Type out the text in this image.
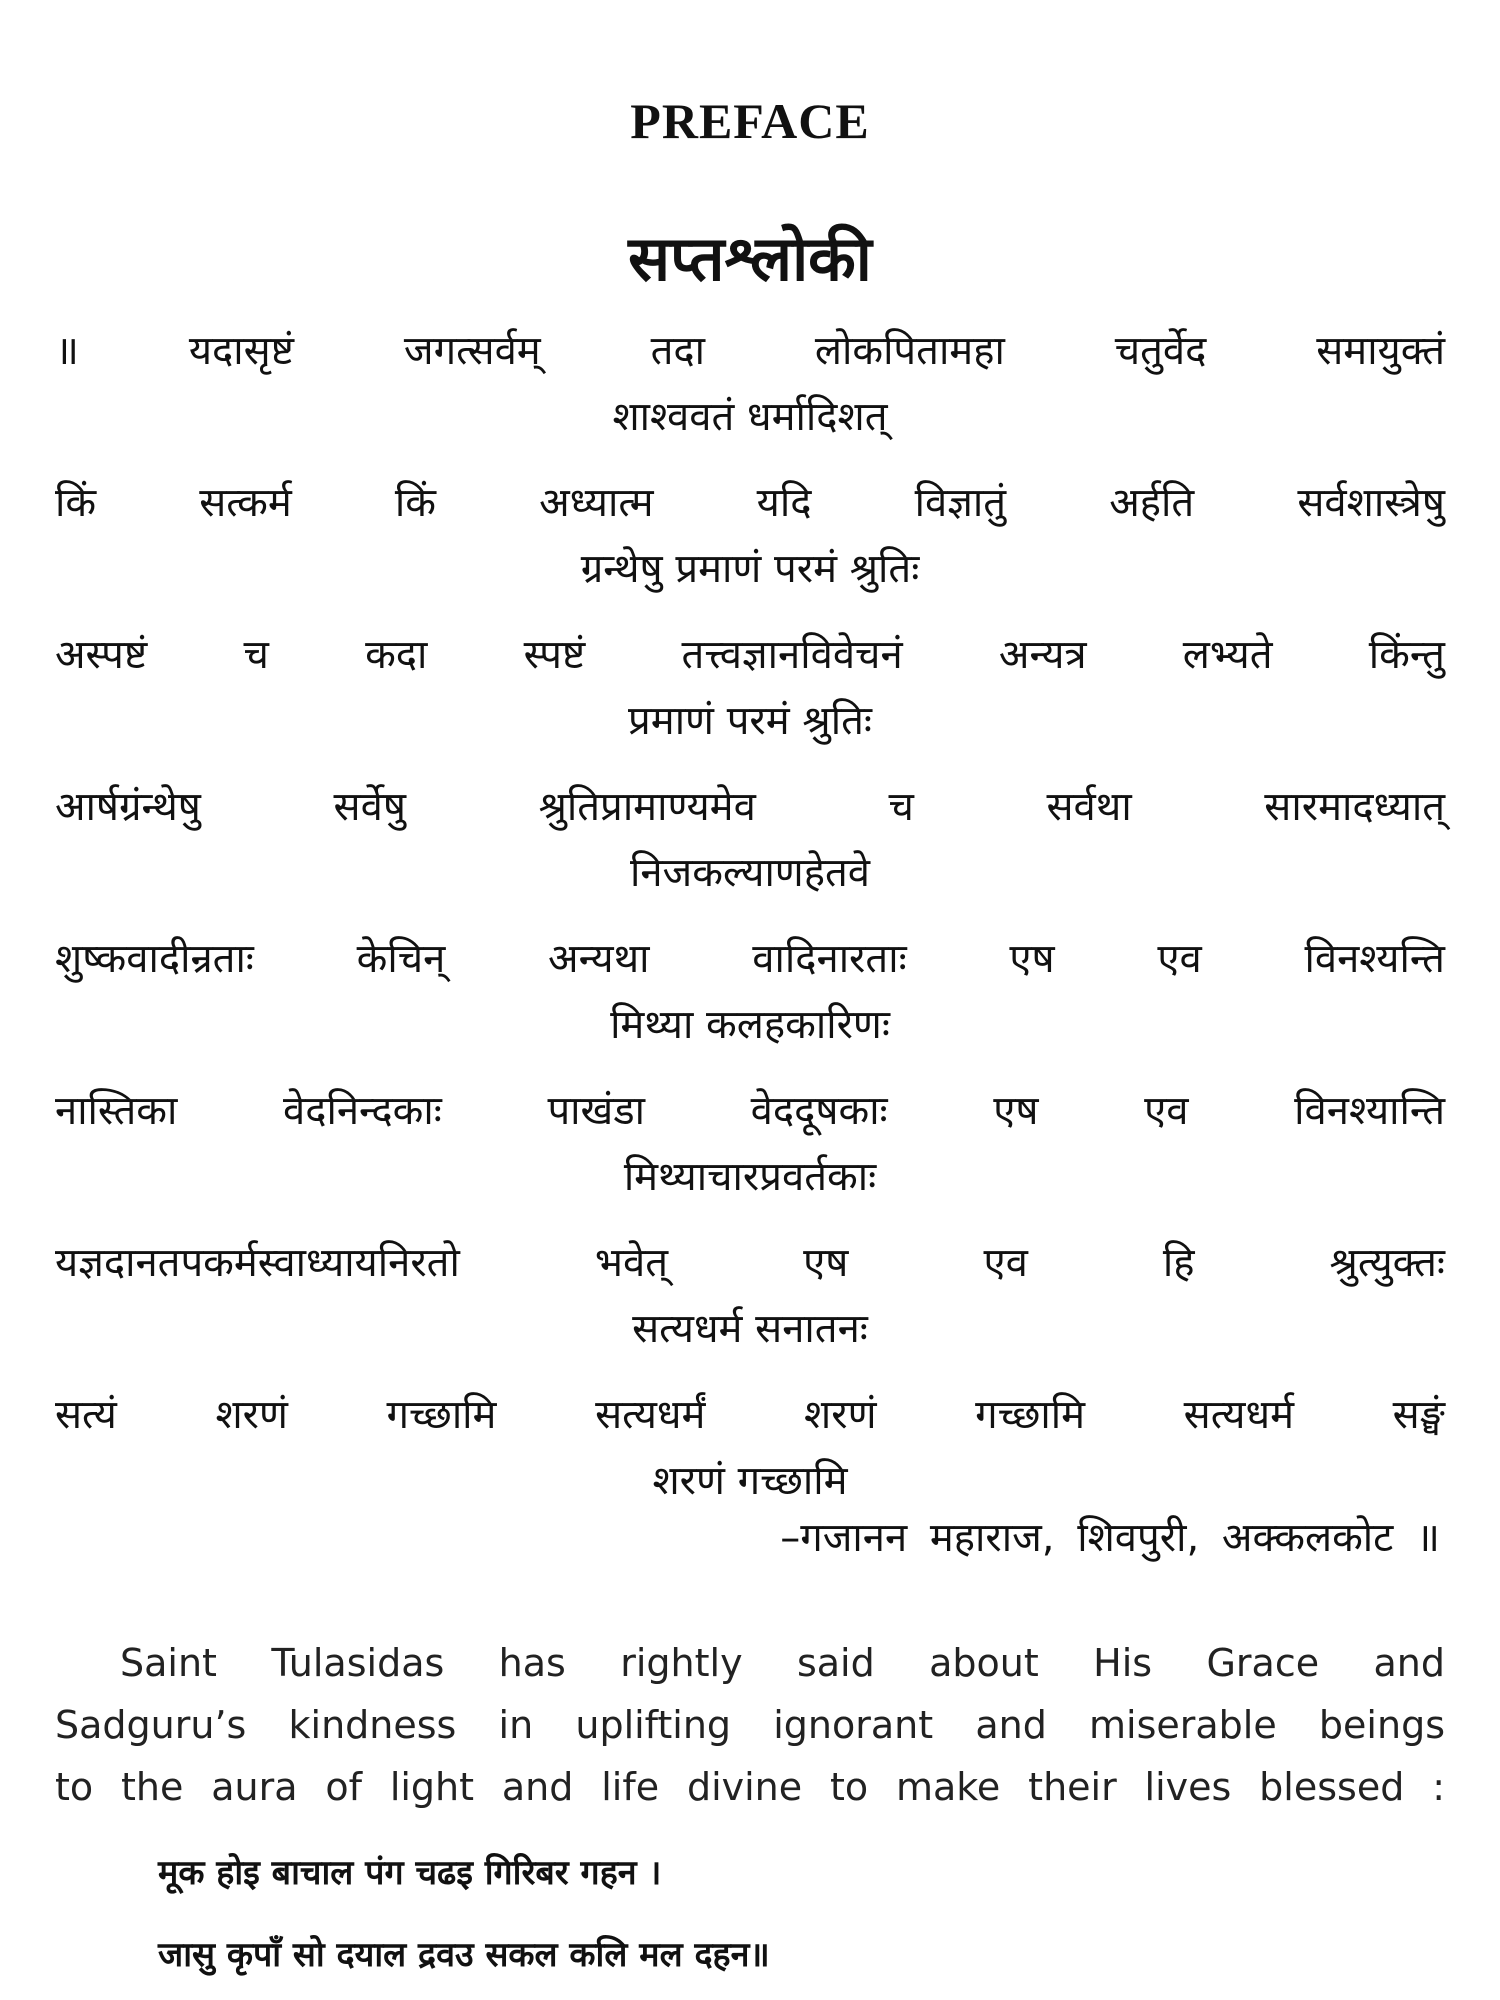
PREFACE
सप्तश्लोकी
॥ यदासृष्टं जगत्सर्वम् तदा लोकपितामहा चतुर्वेद समायुक्तं
शाश्ववतं धर्मादिशत्
किं सत्कर्म किं अध्यात्म यदि विज्ञातुं अर्हति सर्वशास्त्रेषु
ग्रन्थेषु प्रमाणं परमं श्रुतिः
अस्पष्टं च कदा स्पष्टं तत्त्वज्ञानविवेचनं अन्यत्र लभ्यते किंन्तु
प्रमाणं परमं श्रुतिः
आर्षग्रंन्थेषु सर्वेषु श्रुतिप्रामाण्यमेव च सर्वथा सारमादध्यात्
निजकल्याणहेतवे
शुष्कवादीन्रताः केचिन् अन्यथा वादिनारताः एष एव विनश्यन्ति
मिथ्या कलहकारिणः
नास्तिका वेदनिन्दकाः पाखंडा वेददूषकाः एष एव विनश्यान्ति
मिथ्याचारप्रवर्तकाः
यज्ञदानतपकर्मस्वाध्यायनिरतो भवेत् एष एव हि श्रुत्युक्तः
सत्यधर्म सनातनः
सत्यं शरणं गच्छामि सत्यधर्मं शरणं गच्छामि सत्यधर्म सङ्घं
शरणं गच्छामि
–गजानन महाराज, शिवपुरी, अक्कलकोट ॥
Saint Tulasidas has rightly said about His Grace and
Sadguru’s kindness in uplifting ignorant and miserable beings
to the aura of light and life divine to make their lives blessed :
मूक होइ बाचाल पंग चढइ गिरिबर गहन ।
जासु कृपाँ सो दयाल द्रवउ सकल कलि मल दहन॥
